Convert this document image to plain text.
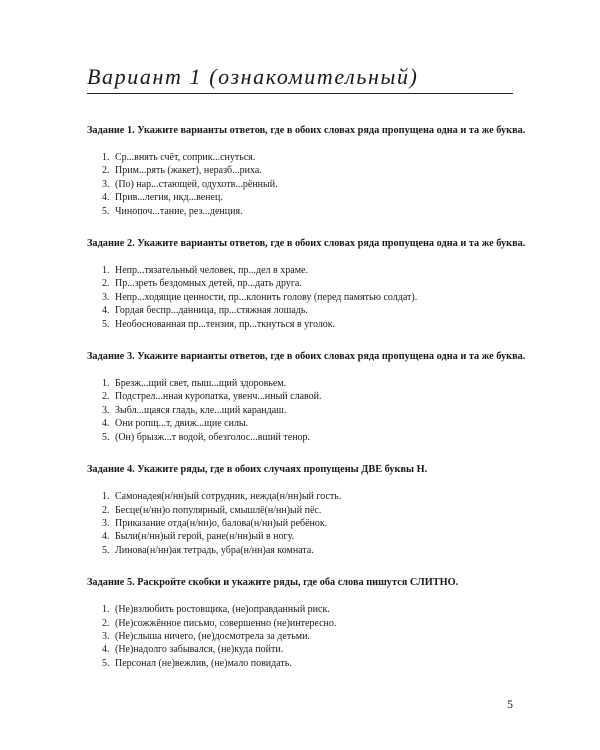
Вариант 1 (ознакомительный)

Задание 1. Укажите варианты ответов, где в обоих словах ряда пропущена одна и та же буква.

1. Ср...внять счёт, соприк...снуться.
2. Прим...рять (жакет), неразб...риха.
3. (По) нар...стающей, одухотв...рённый.
4. Прив...легия, нкд...венец.
5. Чинопоч...тание, рез...денция.

Задание 2. Укажите варианты ответов, где в обоих словах ряда пропущена одна и та же буква.

1. Непр...тязательный человек, пр...дел в храме.
2. Пр...зреть бездомных детей, пр...дать друга.
3. Непр...ходящие ценности, пр...клонить голову (перед памятью солдат).
4. Гордая беспр...данница, пр...стяжная лошадь.
5. Необоснованная пр...тензия, пр...ткнуться в уголок.

Задание 3. Укажите варианты ответов, где в обоих словах ряда пропущена одна и та же буква.

1. Брезж...щий свет, пыш...щий здоровьем.
2. Подстрел...нная куропатка, увенч...нный славой.
3. Зыбл...щаяся гладь, кле...щий карандаш.
4. Они ропщ...т, движ...щие силы.
5. (Он) брызж...т водой, обезголос...вший тенор.

Задание 4. Укажите ряды, где в обоих случаях пропущены ДВЕ буквы Н.

1. Самонадея(н/нн)ый сотрудник, нежда(н/нн)ый гость.
2. Бесце(н/нн)о популярный, смышлё(н/нн)ый пёс.
3. Приказание отда(н/нн)о, балова(н/нн)ый ребёнок.
4. Были(н/нн)ый герой, ране(н/нн)ый в ногу.
5. Линова(н/нн)ая тетрадь, убра(н/нн)ая комната.

Задание 5. Раскройте скобки и укажите ряды, где оба слова пишутся СЛИТНО.

1. (Не)взлюбить ростовщика, (не)оправданный риск.
2. (Не)сожжённое письмо, совершенно (не)интересно.
3. (Не)слыша ничего, (не)досмотрела за детьми.
4. (Не)надолго забывался, (не)куда пойти.
5. Персонал (не)вежлив, (не)мало повидать.
5
